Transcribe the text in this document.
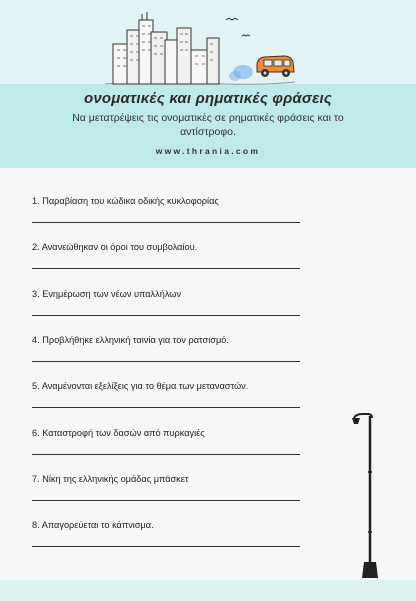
ονοματικές και ρηματικές φράσεις
Να μετατρέψεις τις ονοματικές σε ρηματικές φράσεις και το αντίστροφο.
www.thrania.com
1. Παραβίαση του κώδικα οδικής κυκλοφορίας
2. Ανανεώθηκαν οι όροι του συμβολαίου.
3. Ενημέρωση των νέων υπαλλήλων
4. Προβλήθηκε ελληνική ταινία για τον ρατσισμό.
5. Αναμένονται εξελίξεις για το θέμα των μεταναστών.
6. Καταστροφή των δασών από πυρκαγιές
7. Νίκη της ελληνικής ομάδας μπάσκετ
8. Απαγορεύεται το κάπνισμα.
